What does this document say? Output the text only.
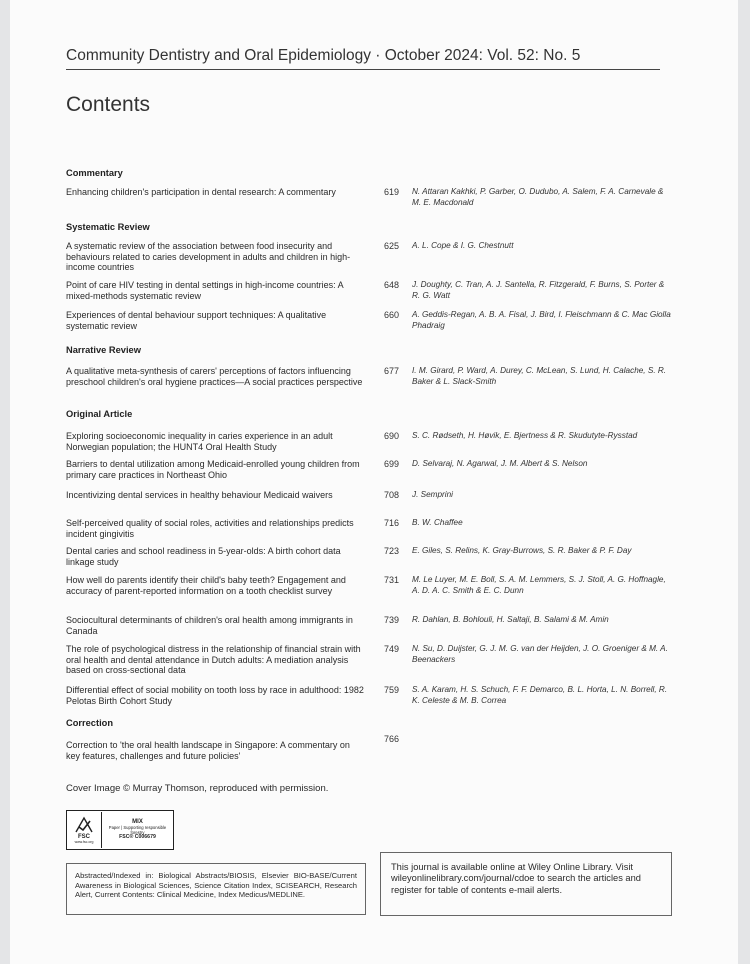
Community Dentistry and Oral Epidemiology · October 2024: Vol. 52: No. 5
Contents
Commentary
Enhancing children's participation in dental research: A commentary	619 N. Attaran Kakhki, P. Garber, O. Dudubo, A. Salem, F. A. Carnevale & M. E. Macdonald
Systematic Review
A systematic review of the association between food insecurity and behaviours related to caries development in adults and children in high-income countries
625 A. L. Cope & I. G. Chestnutt
Point of care HIV testing in dental settings in high-income countries: A mixed-methods systematic review
648 J. Doughty, C. Tran, A. J. Santella, R. Fitzgerald, F. Burns, S. Porter & R. G. Watt
Experiences of dental behaviour support techniques: A qualitative systematic review
660 A. Geddis-Regan, A. B. A. Fisal, J. Bird, I. Fleischmann & C. Mac Giolla Phadraig
Narrative Review
A qualitative meta-synthesis of carers' perceptions of factors influencing preschool children's oral hygiene practices—A social practices perspective
677 I. M. Girard, P. Ward, A. Durey, C. McLean, S. Lund, H. Calache, S. R. Baker & L. Slack-Smith
Original Article
Exploring socioeconomic inequality in caries experience in an adult Norwegian population; the HUNT4 Oral Health Study
690 S. C. Rødseth, H. Høvik, E. Bjertness & R. Skudutyte-Rysstad
Barriers to dental utilization among Medicaid-enrolled young children from primary care practices in Northeast Ohio
699 D. Selvaraj, N. Agarwal, J. M. Albert & S. Nelson
Incentivizing dental services in healthy behaviour Medicaid waivers	708 J. Semprini
Self-perceived quality of social roles, activities and relationships predicts incident gingivitis
716 B. W. Chaffee
Dental caries and school readiness in 5-year-olds: A birth cohort data linkage study
723 E. Giles, S. Relins, K. Gray-Burrows, S. R. Baker & P. F. Day
How well do parents identify their child's baby teeth? Engagement and accuracy of parent-reported information on a tooth checklist survey
731 M. Le Luyer, M. E. Boll, S. A. M. Lemmers, S. J. Stoll, A. G. Hoffnagle, A. D. A. C. Smith & E. C. Dunn
Sociocultural determinants of children's oral health among immigrants in Canada
739 R. Dahlan, B. Bohlouli, H. Saltaji, B. Salami & M. Amin
The role of psychological distress in the relationship of financial strain with oral health and dental attendance in Dutch adults: A mediation analysis based on cross-sectional data
749 N. Su, D. Duijster, G. J. M. G. van der Heijden, J. O. Groeniger & M. A. Beenackers
Differential effect of social mobility on tooth loss by race in adulthood: 1982 Pelotas Birth Cohort Study
759 S. A. Karam, H. S. Schuch, F. F. Demarco, B. L. Horta, L. N. Borrell, R. K. Celeste & M. B. Correa
Correction
Correction to 'the oral health landscape in Singapore: A commentary on key features, challenges and future policies'
766
Cover Image © Murray Thomson, reproduced with permission.
FSC
www.fsc.org
MIX
Paper | Supporting responsible forestry
FSC® C006679
Abstracted/Indexed in: Biological Abstracts/BIOSIS, Elsevier BIO-BASE/Current Awareness in Biological Sciences, Science Citation Index, SCISEARCH, Research Alert, Current Contents: Clinical Medicine, Index Medicus/MEDLINE.
This journal is available online at Wiley Online Library. Visit wileyonlinelibrary.com/journal/cdoe to search the articles and register for table of contents e-mail alerts.
